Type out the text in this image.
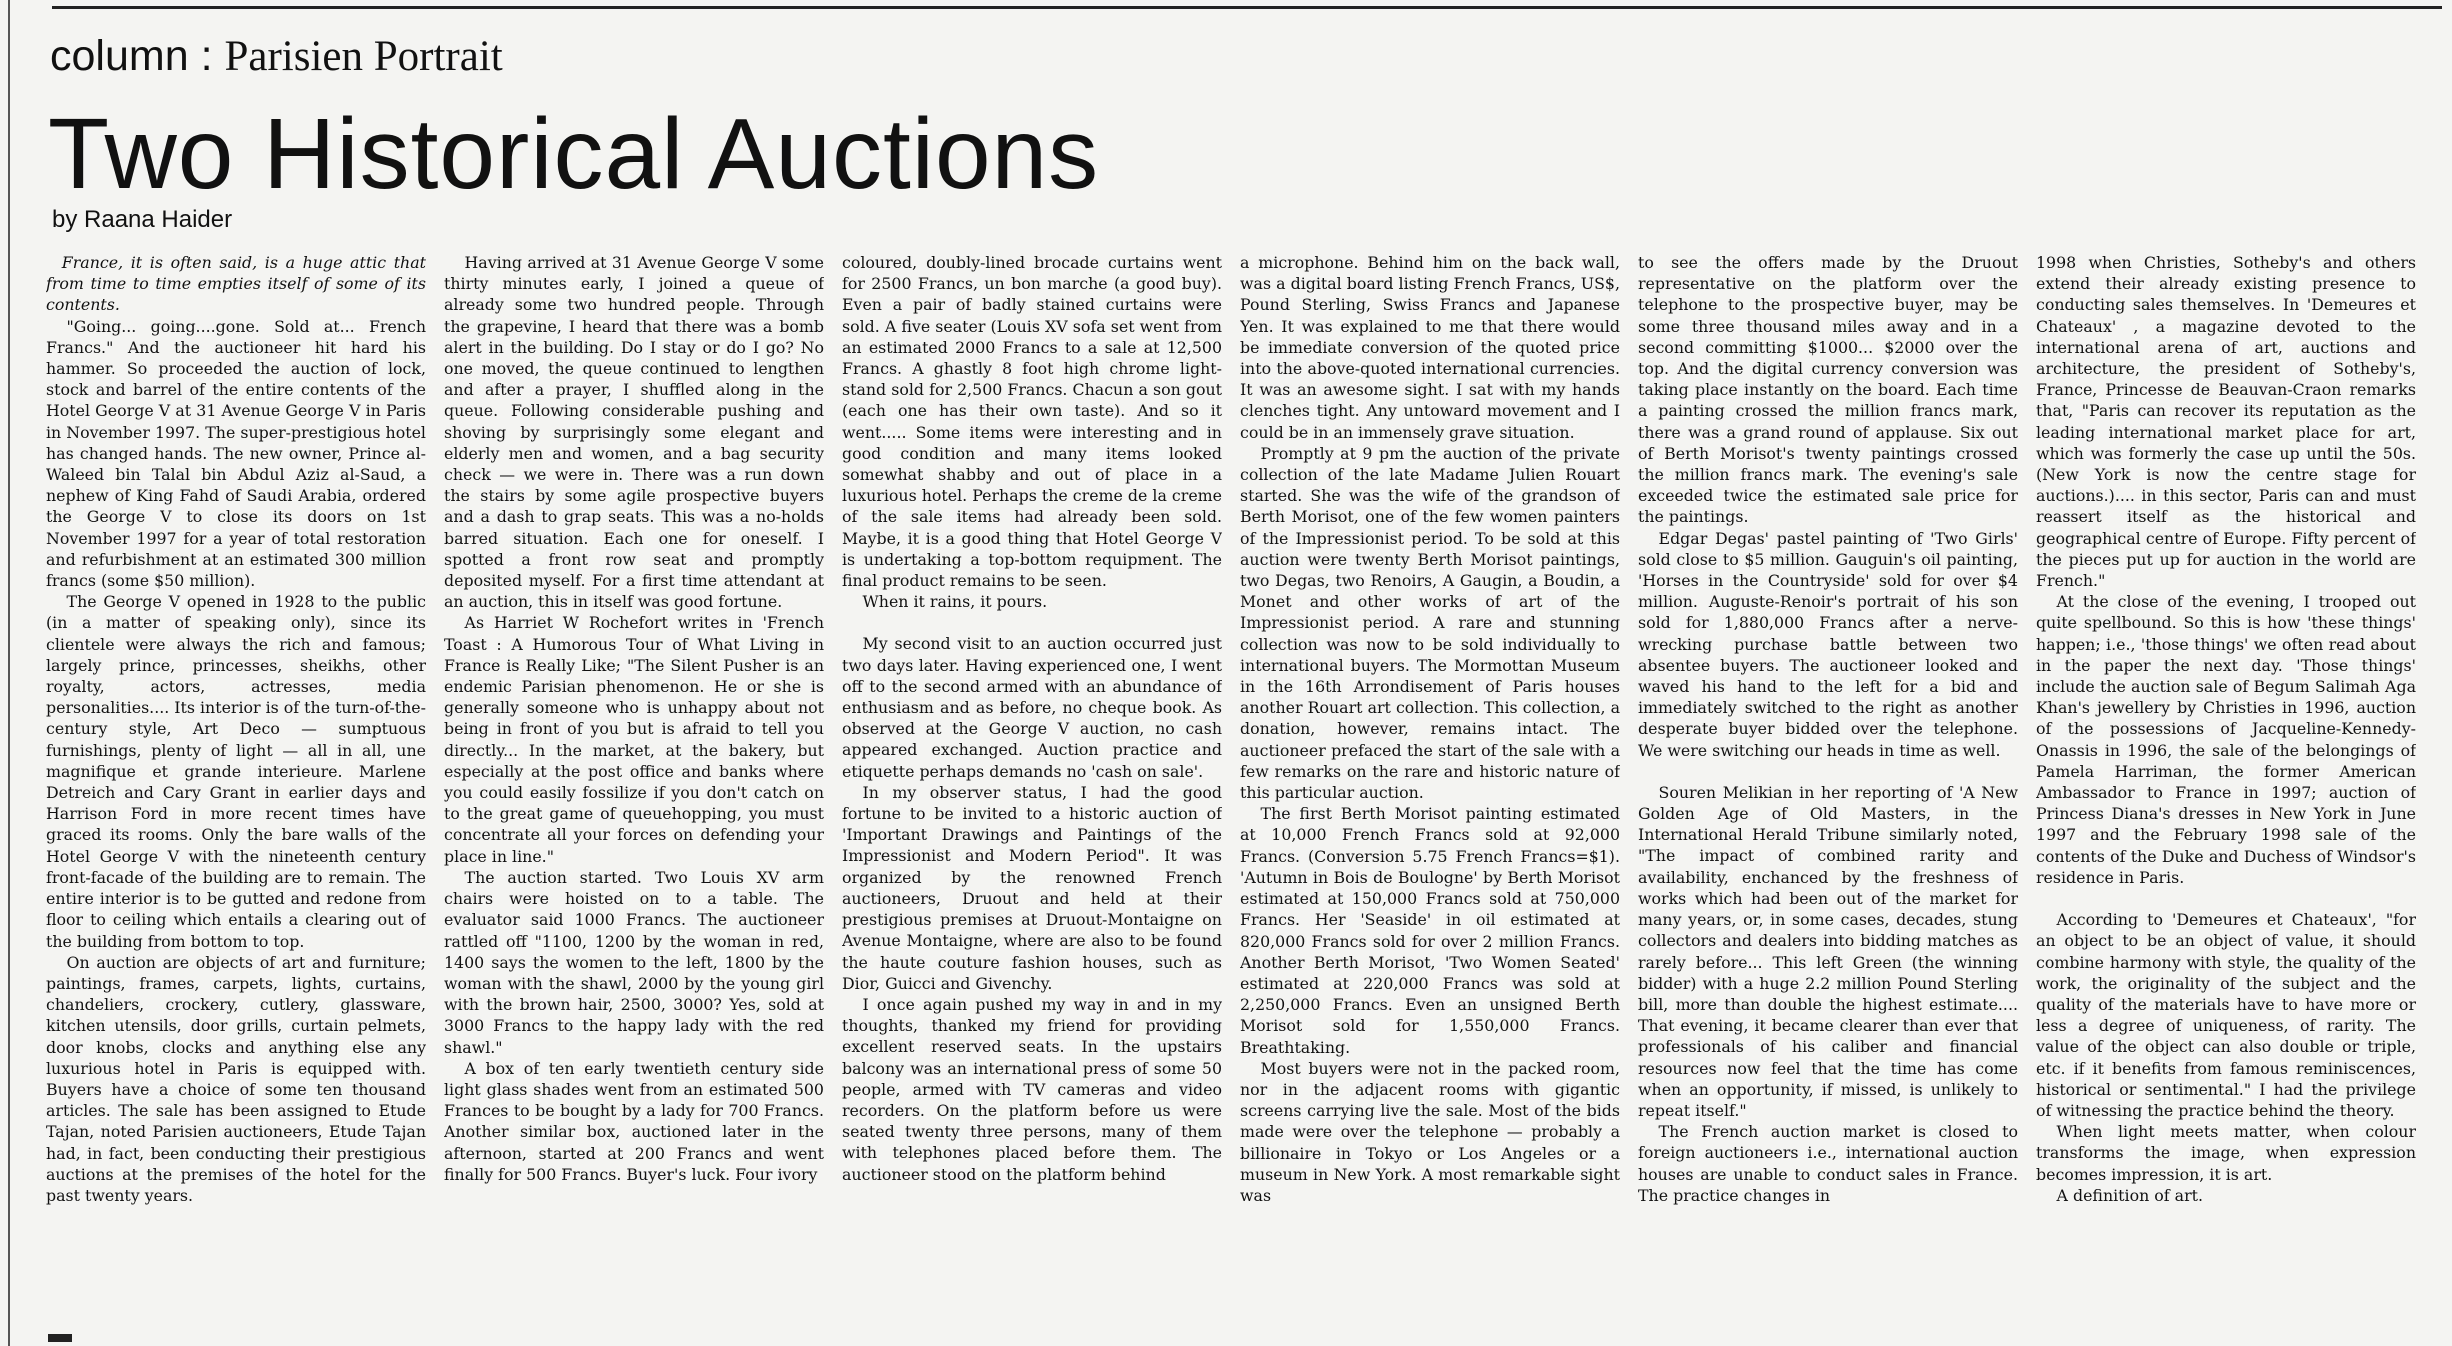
column : Parisien Portrait
Two Historical Auctions
by Raana Haider

France, it is often said, is a huge attic that from time to time empties itself of some of its contents.

"Going... going....gone. Sold at... French Francs." And the auctioneer hit hard his hammer. So proceeded the auction of lock, stock and barrel of the entire contents of the Hotel George V at 31 Avenue George V in Paris in November 1997. The super-prestigious hotel has changed hands. The new owner, Prince al-Waleed bin Talal bin Abdul Aziz al-Saud, a nephew of King Fahd of Saudi Arabia, ordered the George V to close its doors on 1st November 1997 for a year of total restoration and refurbishment at an estimated 300 million francs (some $50 million).

The George V opened in 1928 to the public (in a matter of speaking only), since its clientele were always the rich and famous; largely prince, princesses, sheikhs, other royalty, actors, actresses, media personalities.... Its interior is of the turn-of-the-century style, Art Deco — sumptuous furnishings, plenty of light — all in all, une magnifique et grande interieure. Marlene Detreich and Cary Grant in earlier days and Harrison Ford in more recent times have graced its rooms. Only the bare walls of the Hotel George V with the nineteenth century front-facade of the building are to remain. The entire interior is to be gutted and redone from floor to ceiling which entails a clearing out of the building from bottom to top.

On auction are objects of art and furniture; paintings, frames, carpets, lights, curtains, chandeliers, crockery, cutlery, glassware, kitchen utensils, door grills, curtain pelmets, door knobs, clocks and anything else any luxurious hotel in Paris is equipped with. Buyers have a choice of some ten thousand articles. The sale has been assigned to Etude Tajan, noted Parisien auctioneers, Etude Tajan had, in fact, been conducting their prestigious auctions at the premises of the hotel for the past twenty years.

Having arrived at 31 Avenue George V some thirty minutes early, I joined a queue of already some two hundred people. Through the grapevine, I heard that there was a bomb alert in the building. Do I stay or do I go? No one moved, the queue continued to lengthen and after a prayer, I shuffled along in the queue. Following considerable pushing and shoving by surprisingly some elegant and elderly men and women, and a bag security check — we were in. There was a run down the stairs by some agile prospective buyers and a dash to grap seats. This was a no-holds barred situation. Each one for oneself. I spotted a front row seat and promptly deposited myself. For a first time attendant at an auction, this in itself was good fortune.

As Harriet W Rochefort writes in 'French Toast : A Humorous Tour of What Living in France is Really Like; "The Silent Pusher is an endemic Parisian phenomenon. He or she is generally someone who is unhappy about not being in front of you but is afraid to tell you directly... In the market, at the bakery, but especially at the post office and banks where you could easily fossilize if you don't catch on to the great game of queuehopping, you must concentrate all your forces on defending your place in line."

The auction started. Two Louis XV arm chairs were hoisted on to a table. The evaluator said 1000 Francs. The auctioneer rattled off "1100, 1200 by the woman in red, 1400 says the women to the left, 1800 by the woman with the shawl, 2000 by the young girl with the brown hair, 2500, 3000? Yes, sold at 3000 Francs to the happy lady with the red shawl."

A box of ten early twentieth century side light glass shades went from an estimated 500 Frances to be bought by a lady for 700 Francs. Another similar box, auctioned later in the afternoon, started at 200 Francs and went finally for 500 Francs. Buyer's luck. Four ivory

coloured, doubly-lined brocade curtains went for 2500 Francs, un bon marche (a good buy). Even a pair of badly stained curtains were sold. A five seater (Louis XV sofa set went from an estimated 2000 Francs to a sale at 12,500 Francs. A ghastly 8 foot high chrome light-stand sold for 2,500 Francs. Chacun a son gout (each one has their own taste). And so it went..... Some items were interesting and in good condition and many items looked somewhat shabby and out of place in a luxurious hotel. Perhaps the creme de la creme of the sale items had already been sold. Maybe, it is a good thing that Hotel George V is undertaking a top-bottom requipment. The final product remains to be seen.

When it rains, it pours.

My second visit to an auction occurred just two days later. Having experienced one, I went off to the second armed with an abundance of enthusiasm and as before, no cheque book. As observed at the George V auction, no cash appeared exchanged. Auction practice and etiquette perhaps demands no 'cash on sale'.

In my observer status, I had the good fortune to be invited to a historic auction of 'Important Drawings and Paintings of the Impressionist and Modern Period". It was organized by the renowned French auctioneers, Druout and held at their prestigious premises at Druout-Montaigne on Avenue Montaigne, where are also to be found the haute couture fashion houses, such as Dior, Guicci and Givenchy.

I once again pushed my way in and in my thoughts, thanked my friend for providing excellent reserved seats. In the upstairs balcony was an international press of some 50 people, armed with TV cameras and video recorders. On the platform before us were seated twenty three persons, many of them with telephones placed before them. The auctioneer stood on the platform behind

a microphone. Behind him on the back wall, was a digital board listing French Francs, US$, Pound Sterling, Swiss Francs and Japanese Yen. It was explained to me that there would be immediate conversion of the quoted price into the above-quoted international currencies. It was an awesome sight. I sat with my hands clenches tight. Any untoward movement and I could be in an immensely grave situation.

Promptly at 9 pm the auction of the private collection of the late Madame Julien Rouart started. She was the wife of the grandson of Berth Morisot, one of the few women painters of the Impressionist period. To be sold at this auction were twenty Berth Morisot paintings, two Degas, two Renoirs, A Gaugin, a Boudin, a Monet and other works of art of the Impressionist period. A rare and stunning collection was now to be sold individually to international buyers. The Mormottan Museum in the 16th Arrondisement of Paris houses another Rouart art collection. This collection, a donation, however, remains intact. The auctioneer prefaced the start of the sale with a few remarks on the rare and historic nature of this particular auction.

The first Berth Morisot painting estimated at 10,000 French Francs sold at 92,000 Francs. (Conversion 5.75 French Francs=$1). 'Autumn in Bois de Boulogne' by Berth Morisot estimated at 150,000 Francs sold at 750,000 Francs. Her 'Seaside' in oil estimated at 820,000 Francs sold for over 2 million Francs. Another Berth Morisot, 'Two Women Seated' estimated at 220,000 Francs was sold at 2,250,000 Francs. Even an unsigned Berth Morisot sold for 1,550,000 Francs. Breathtaking.

Most buyers were not in the packed room, nor in the adjacent rooms with gigantic screens carrying live the sale. Most of the bids made were over the telephone — probably a billionaire in Tokyo or Los Angeles or a museum in New York. A most remarkable sight was

to see the offers made by the Druout representative on the platform over the telephone to the prospective buyer, may be some three thousand miles away and in a second committing $1000... $2000 over the top. And the digital currency conversion was taking place instantly on the board. Each time a painting crossed the million francs mark, there was a grand round of applause. Six out of Berth Morisot's twenty paintings crossed the million francs mark. The evening's sale exceeded twice the estimated sale price for the paintings.

Edgar Degas' pastel painting of 'Two Girls' sold close to $5 million. Gauguin's oil painting, 'Horses in the Countryside' sold for over $4 million. Auguste-Renoir's portrait of his son sold for 1,880,000 Francs after a nerve-wrecking purchase battle between two absentee buyers. The auctioneer looked and waved his hand to the left for a bid and immediately switched to the right as another desperate buyer bidded over the telephone. We were switching our heads in time as well.

Souren Melikian in her reporting of 'A New Golden Age of Old Masters, in the International Herald Tribune similarly noted, "The impact of combined rarity and availability, enchanced by the freshness of works which had been out of the market for many years, or, in some cases, decades, stung collectors and dealers into bidding matches as rarely before... This left Green (the winning bidder) with a huge 2.2 million Pound Sterling bill, more than double the highest estimate.... That evening, it became clearer than ever that professionals of his caliber and financial resources now feel that the time has come when an opportunity, if missed, is unlikely to repeat itself."

The French auction market is closed to foreign auctioneers i.e., international auction houses are unable to conduct sales in France. The practice changes in

1998 when Christies, Sotheby's and others extend their already existing presence to conducting sales themselves. In 'Demeures et Chateaux' , a magazine devoted to the international arena of art, auctions and architecture, the president of Sotheby's, France, Princesse de Beauvan-Craon remarks that, "Paris can recover its reputation as the leading international market place for art, which was formerly the case up until the 50s. (New York is now the centre stage for auctions.).... in this sector, Paris can and must reassert itself as the historical and geographical centre of Europe. Fifty percent of the pieces put up for auction in the world are French."

At the close of the evening, I trooped out quite spellbound. So this is how 'these things' happen; i.e., 'those things' we often read about in the paper the next day. 'Those things' include the auction sale of Begum Salimah Aga Khan's jewellery by Christies in 1996, auction of the possessions of Jacqueline-Kennedy-Onassis in 1996, the sale of the belongings of Pamela Harriman, the former American Ambassador to France in 1997; auction of Princess Diana's dresses in New York in June 1997 and the February 1998 sale of the contents of the Duke and Duchess of Windsor's residence in Paris.

According to 'Demeures et Chateaux', "for an object to be an object of value, it should combine harmony with style, the quality of the work, the originality of the subject and the quality of the materials have to have more or less a degree of uniqueness, of rarity. The value of the object can also double or triple, etc. if it benefits from famous reminiscences, historical or sentimental." I had the privilege of witnessing the practice behind the theory.

When light meets matter, when colour transforms the image, when expression becomes impression, it is art.

A definition of art.
